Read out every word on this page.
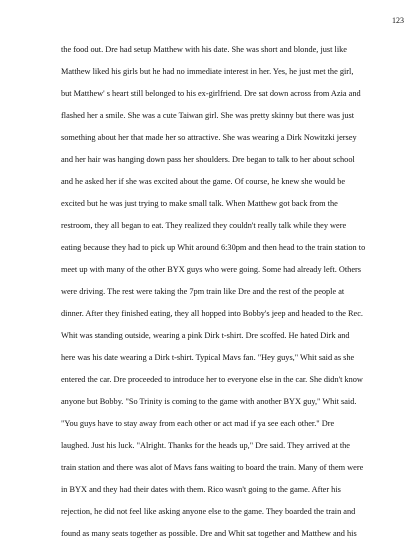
123
the food out. Dre had setup Matthew with his date. She was short and blonde, just like
Matthew liked his girls but he had no immediate interest in her. Yes, he just met the girl,
but Matthew' s heart still belonged to his ex-girlfriend. Dre sat down across from Azia and
flashed her a smile. She was a cute Taiwan girl. She was pretty skinny but there was just
something about her that made her so attractive. She was wearing a Dirk Nowitzki jersey
and her hair was hanging down pass her shoulders. Dre began to talk to her about school
and he asked her if she was excited about the game. Of course, he knew she would be
excited but he was just trying to make small talk. When Matthew got back from the
restroom, they all began to eat. They realized they couldn't really talk while they were
eating because they had to pick up Whit around 6:30pm and then head to the train station to
meet up with many of the other BYX guys who were going. Some had already left. Others
were driving. The rest were taking the 7pm train like Dre and the rest of the people at
dinner. After they finished eating, they all hopped into Bobby's jeep and headed to the Rec.
Whit was standing outside, wearing a pink Dirk t-shirt. Dre scoffed. He hated Dirk and
here was his date wearing a Dirk t-shirt. Typical Mavs fan. "Hey guys," Whit said as she
entered the car. Dre proceeded to introduce her to everyone else in the car. She didn't know
anyone but Bobby. "So Trinity is coming to the game with another BYX guy," Whit said.
"You guys have to stay away from each other or act mad if ya see each other." Dre
laughed. Just his luck. "Alright. Thanks for the heads up," Dre said. They arrived at the
train station and there was alot of Mavs fans waiting to board the train. Many of them were
in BYX and they had their dates with them. Rico wasn't going to the game. After his
rejection, he did not feel like asking anyone else to the game. They boarded the train and
found as many seats together as possible. Dre and Whit sat together and Matthew and his
